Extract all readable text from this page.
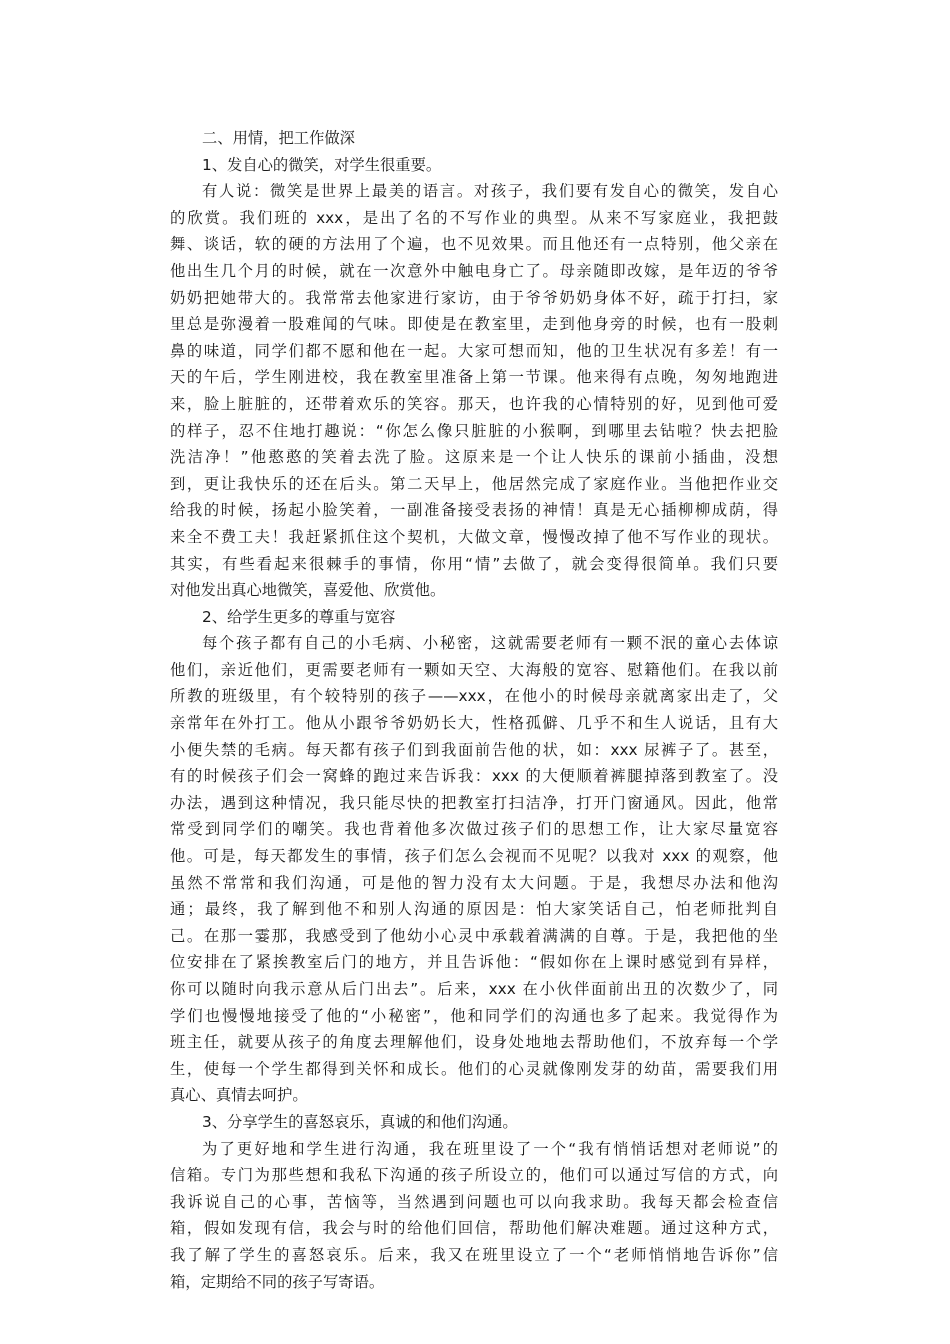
二、用情，把工作做深
1、发自心的微笑，对学生很重要。
有人说：微笑是世界上最美的语言。对孩子，我们要有发自心的微笑，发自心
的欣赏。我们班的 xxx，是出了名的不写作业的典型。从来不写家庭业，我把鼓
舞、谈话，软的硬的方法用了个遍，也不见效果。而且他还有一点特别，他父亲在
他出生几个月的时候，就在一次意外中触电身亡了。母亲随即改嫁，是年迈的爷爷
奶奶把她带大的。我常常去他家进行家访，由于爷爷奶奶身体不好，疏于打扫，家
里总是弥漫着一股难闻的气味。即使是在教室里，走到他身旁的时候，也有一股刺
鼻的味道，同学们都不愿和他在一起。大家可想而知，他的卫生状况有多差！有一
天的午后，学生刚进校，我在教室里准备上第一节课。他来得有点晚，匆匆地跑进
来，脸上脏脏的，还带着欢乐的笑容。那天，也许我的心情特别的好，见到他可爱
的样子，忍不住地打趣说：“你怎么像只脏脏的小猴啊，到哪里去钻啦？快去把脸
洗洁净！”他憨憨的笑着去洗了脸。这原来是一个让人快乐的课前小插曲，没想
到，更让我快乐的还在后头。第二天早上，他居然完成了家庭作业。当他把作业交
给我的时候，扬起小脸笑着，一副准备接受表扬的神情！真是无心插柳柳成荫，得
来全不费工夫！我赶紧抓住这个契机，大做文章，慢慢改掉了他不写作业的现状。
其实，有些看起来很棘手的事情，你用“情”去做了，就会变得很简单。我们只要
对他发出真心地微笑，喜爱他、欣赏他。
2、给学生更多的尊重与宽容
每个孩子都有自己的小毛病、小秘密，这就需要老师有一颗不泯的童心去体谅
他们，亲近他们，更需要老师有一颗如天空、大海般的宽容、慰籍他们。在我以前
所教的班级里，有个较特别的孩子——xxx，在他小的时候母亲就离家出走了，父
亲常年在外打工。他从小跟爷爷奶奶长大，性格孤僻、几乎不和生人说话，且有大
小便失禁的毛病。每天都有孩子们到我面前告他的状，如：xxx 尿裤子了。甚至，
有的时候孩子们会一窝蜂的跑过来告诉我：xxx 的大便顺着裤腿掉落到教室了。没
办法，遇到这种情况，我只能尽快的把教室打扫洁净，打开门窗通风。因此，他常
常受到同学们的嘲笑。我也背着他多次做过孩子们的思想工作，让大家尽量宽容
他。可是，每天都发生的事情，孩子们怎么会视而不见呢？以我对 xxx 的观察，他
虽然不常常和我们沟通，可是他的智力没有太大问题。于是，我想尽办法和他沟
通；最终，我了解到他不和别人沟通的原因是：怕大家笑话自己，怕老师批判自
己。在那一霎那，我感受到了他幼小心灵中承载着满满的自尊。于是，我把他的坐
位安排在了紧挨教室后门的地方，并且告诉他：“假如你在上课时感觉到有异样，
你可以随时向我示意从后门出去”。后来，xxx 在小伙伴面前出丑的次数少了，同
学们也慢慢地接受了他的“小秘密”，他和同学们的沟通也多了起来。我觉得作为
班主任，就要从孩子的角度去理解他们，设身处地地去帮助他们，不放弃每一个学
生，使每一个学生都得到关怀和成长。他们的心灵就像刚发芽的幼苗，需要我们用
真心、真情去呵护。
3、分享学生的喜怒哀乐，真诚的和他们沟通。
为了更好地和学生进行沟通，我在班里设了一个“我有悄悄话想对老师说”的
信箱。专门为那些想和我私下沟通的孩子所设立的，他们可以通过写信的方式，向
我诉说自己的心事，苦恼等，当然遇到问题也可以向我求助。我每天都会检查信
箱，假如发现有信，我会与时的给他们回信，帮助他们解决难题。通过这种方式，
我了解了学生的喜怒哀乐。后来，我又在班里设立了一个“老师悄悄地告诉你”信
箱，定期给不同的孩子写寄语。
